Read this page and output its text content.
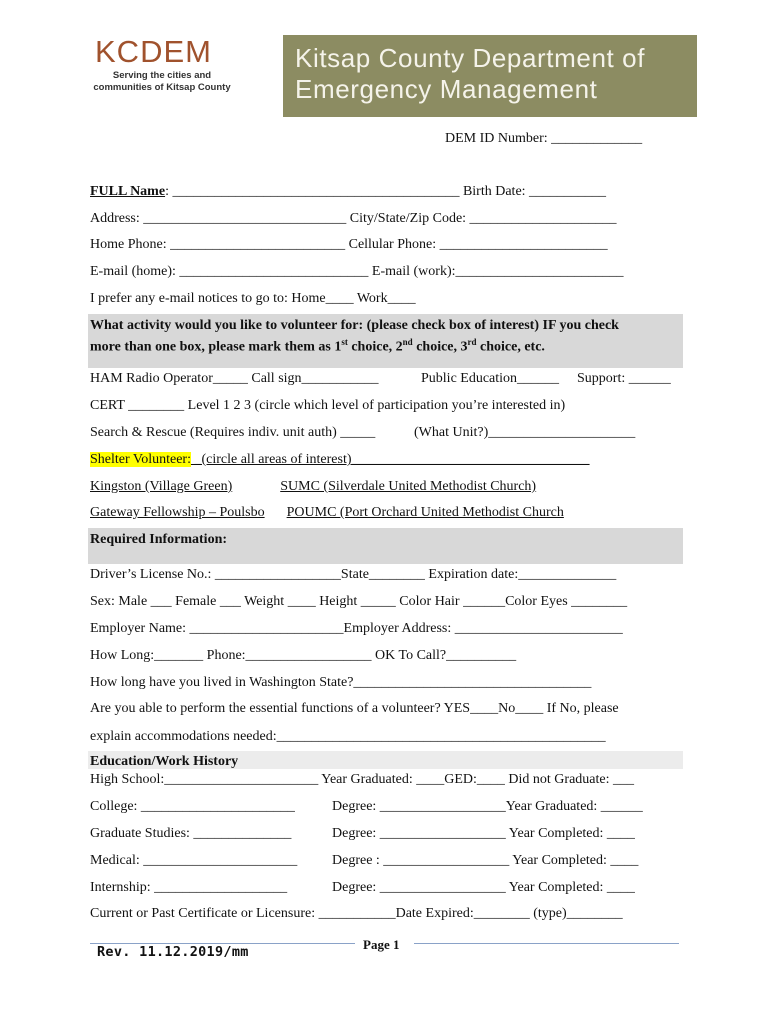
KCDEM
Serving the cities and
communities of Kitsap County
Kitsap County Department of
Emergency Management
DEM ID Number: _____________
FULL Name: _________________________________________ Birth Date: ___________
Address: _____________________________ City/State/Zip Code: _____________________
Home Phone: _________________________ Cellular Phone: ________________________
E-mail (home): ___________________________ E-mail (work):________________________
I prefer any e-mail notices to go to: Home____ Work____
What activity would you like to volunteer for: (please check box of interest) IF you check
more than one box, please mark them as 1st choice, 2nd choice, 3rd choice, etc.
HAM Radio Operator_____ Call sign___________	Public Education______ Support: ______
CERT ________ Level 1 2 3 (circle which level of participation you’re interested in)
Search & Rescue (Requires indiv. unit auth) _____	(What Unit?)_____________________
Shelter Volunteer: _(circle all areas of interest)__________________________________
Kingston (Village Green)	SUMC (Silverdale United Methodist Church)
Gateway Fellowship – Poulsbo POUMC (Port Orchard United Methodist Church
Required Information:
Driver’s License No.: __________________State________ Expiration date:______________
Sex: Male ___ Female ___ Weight ____ Height _____ Color Hair ______Color Eyes ________
Employer Name: ______________________Employer Address: ________________________
How Long:_______ Phone:__________________ OK To Call?__________
How long have you lived in Washington State?__________________________________
Are you able to perform the essential functions of a volunteer? YES____No____ If No, please
explain accommodations needed:_______________________________________________
Education/Work History
High School:______________________ Year Graduated: ____GED:____ Did not Graduate: ___
College: ______________________	Degree: __________________Year Graduated: ______
Graduate Studies: ______________	Degree: __________________ Year Completed: ____
Medical: ______________________ Degree : __________________ Year Completed: ____
Internship: ___________________	Degree: __________________ Year Completed: ____
Current or Past Certificate or Licensure: ___________Date Expired:________ (type)________
Rev. 11.12.2019/mm	Page 1
